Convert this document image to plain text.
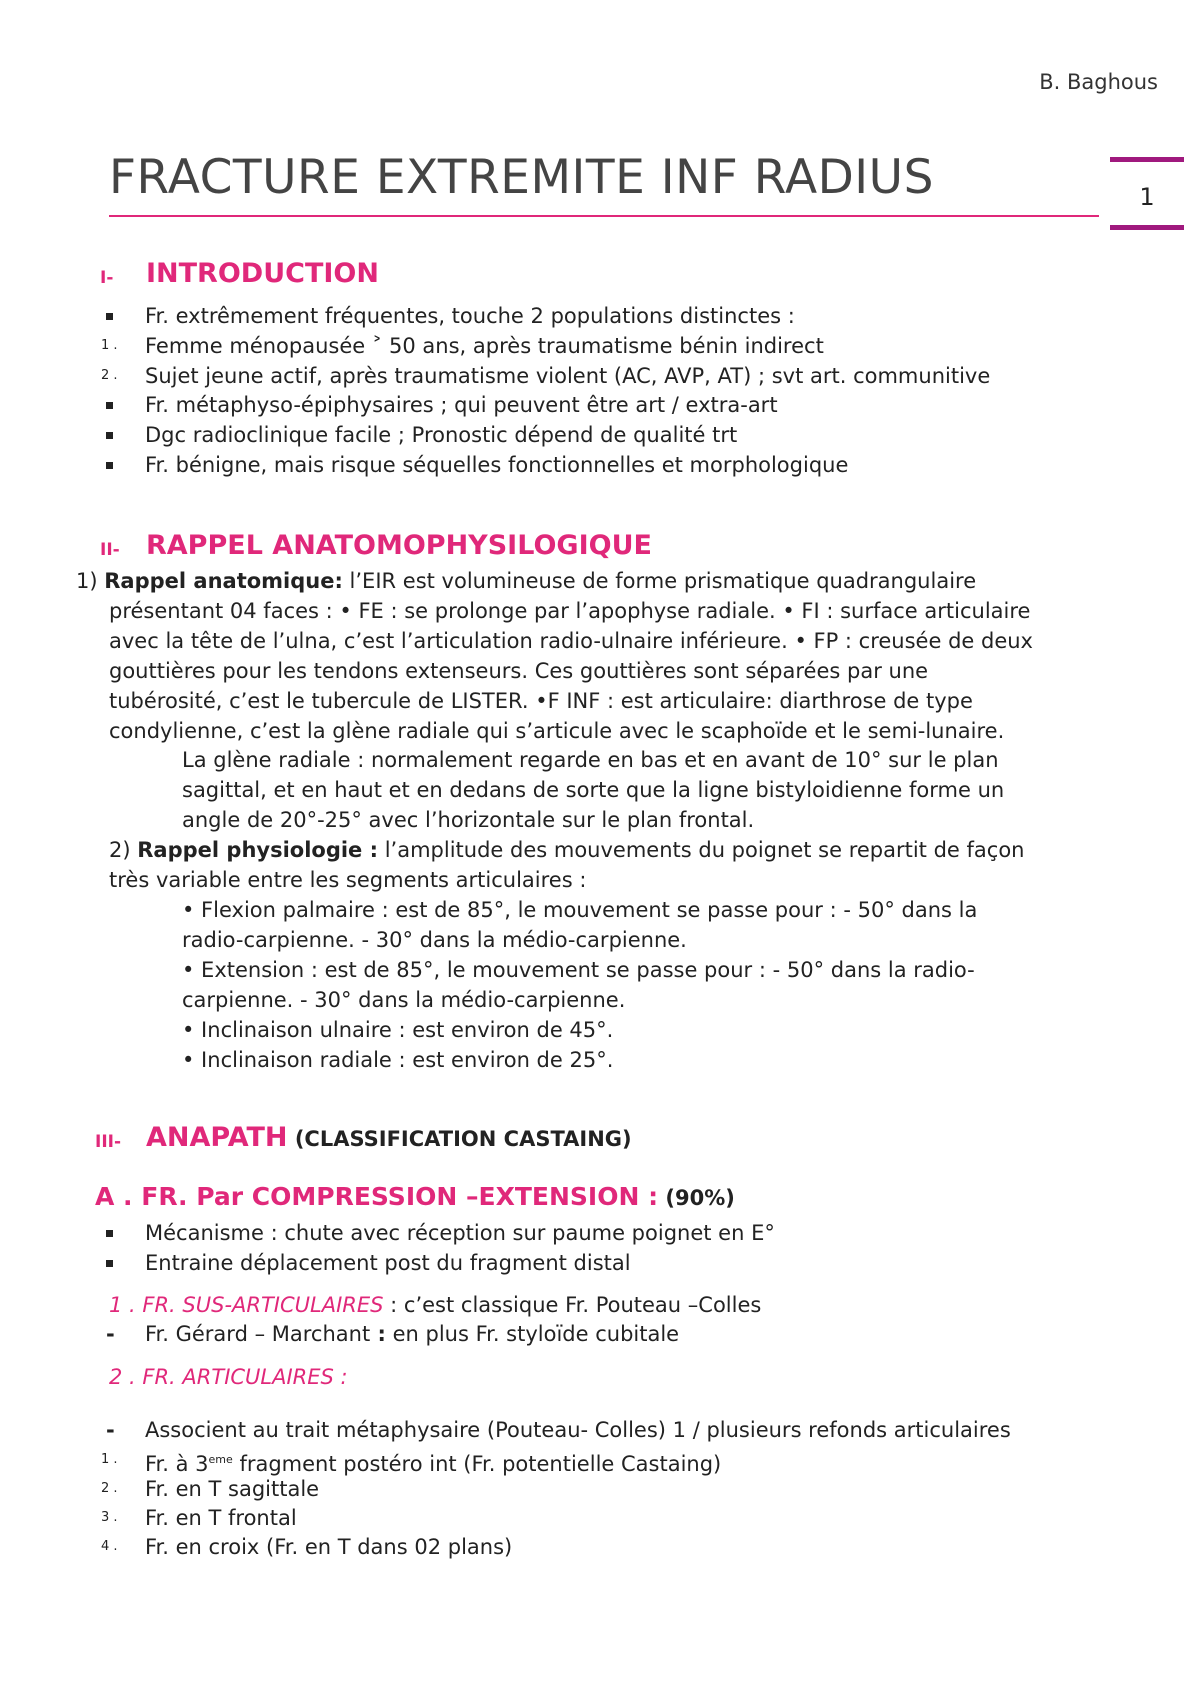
B. Baghous
FRACTURE EXTREMITE INF RADIUS	1
I- INTRODUCTION
Fr. extrêmement fréquentes, touche 2 populations distinctes :
1 . Femme ménopausée ˃ 50 ans, après traumatisme bénin indirect
2 . Sujet jeune actif, après traumatisme violent (AC, AVP, AT) ; svt art. communitive
Fr. métaphyso-épiphysaires ; qui peuvent être art / extra-art
Dgc radioclinique facile ; Pronostic dépend de qualité trt
Fr. bénigne, mais risque séquelles fonctionnelles et morphologique
II- RAPPEL ANATOMOPHYSILOGIQUE
1) Rappel anatomique: l’EIR est volumineuse de forme prismatique quadrangulaire
présentant 04 faces : • FE : se prolonge par l’apophyse radiale. • FI : surface articulaire
avec la tête de l’ulna, c’est l’articulation radio-ulnaire inférieure. • FP : creusée de deux
gouttières pour les tendons extenseurs. Ces gouttières sont séparées par une
tubérosité, c’est le tubercule de LISTER. •F INF : est articulaire: diarthrose de type
condylienne, c’est la glène radiale qui s’articule avec le scaphoïde et le semi-lunaire.
La glène radiale : normalement regarde en bas et en avant de 10° sur le plan
sagittal, et en haut et en dedans de sorte que la ligne bistyloidienne forme un
angle de 20°-25° avec l’horizontale sur le plan frontal.
2) Rappel physiologie : l’amplitude des mouvements du poignet se repartit de façon
très variable entre les segments articulaires :
• Flexion palmaire : est de 85°, le mouvement se passe pour : - 50° dans la
radio-carpienne. - 30° dans la médio-carpienne.
• Extension : est de 85°, le mouvement se passe pour : - 50° dans la radio-
carpienne. - 30° dans la médio-carpienne.
• Inclinaison ulnaire : est environ de 45°.
• Inclinaison radiale : est environ de 25°.
III- ANAPATH (CLASSIFICATION CASTAING)
A . FR. Par COMPRESSION –EXTENSION : (90%)
Mécanisme : chute avec réception sur paume poignet en E°
Entraine déplacement post du fragment distal
1 . FR. SUS-ARTICULAIRES : c’est classique Fr. Pouteau –Colles
- Fr. Gérard – Marchant : en plus Fr. styloïde cubitale
2 . FR. ARTICULAIRES :
- Associent au trait métaphysaire (Pouteau- Colles) 1 / plusieurs refonds articulaires
1 . Fr. à 3eme fragment postéro int (Fr. potentielle Castaing)
2 . Fr. en T sagittale
3 . Fr. en T frontal
4 . Fr. en croix (Fr. en T dans 02 plans)
